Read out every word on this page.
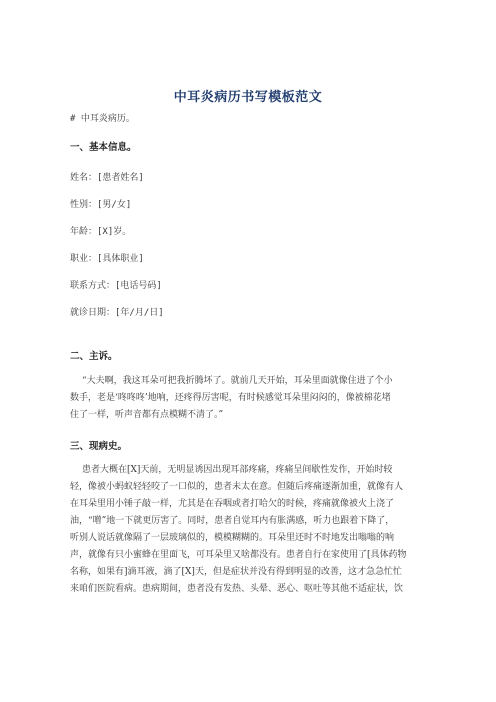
中耳炎病历书写模板范文
# 中耳炎病历。
一、基本信息。
姓名：[患者姓名]
性别：[男/女]
年龄：[X]岁。
职业：[具体职业]
联系方式：[电话号码]
就诊日期：[年/月/日]
二、主诉。
“大夫啊，我这耳朵可把我折腾坏了。就前几天开始，耳朵里面就像住进了个小
数手，老是‘咚咚咚’地响，还疼得厉害呢，有时候感觉耳朵里闷闷的，像被棉花堵
住了一样，听声音都有点模糊不清了。”
三、现病史。
患者大概在[X]天前，无明显诱因出现耳部疼痛，疼痛呈间歇性发作，开始时较
轻，像被小蚂蚁轻轻咬了一口似的，患者未太在意。但随后疼痛逐渐加重，就像有人
在耳朵里用小锤子敲一样，尤其是在吞咽或者打哈欠的时候，疼痛就像被火上浇了
油，“噌”地一下就更厉害了。同时，患者自觉耳内有胀满感，听力也跟着下降了，
听别人说话就像隔了一层玻璃似的，模模糊糊的。耳朵里还时不时地发出嗡嗡的响
声，就像有只小蜜蜂在里面飞，可耳朵里又啥都没有。患者自行在家使用了[具体药物
名称，如果有]滴耳液，滴了[X]天，但是症状并没有得到明显的改善，这才急急忙忙
来咱们医院看病。患病期间，患者没有发热、头晕、恶心、呕吐等其他不适症状，饮
